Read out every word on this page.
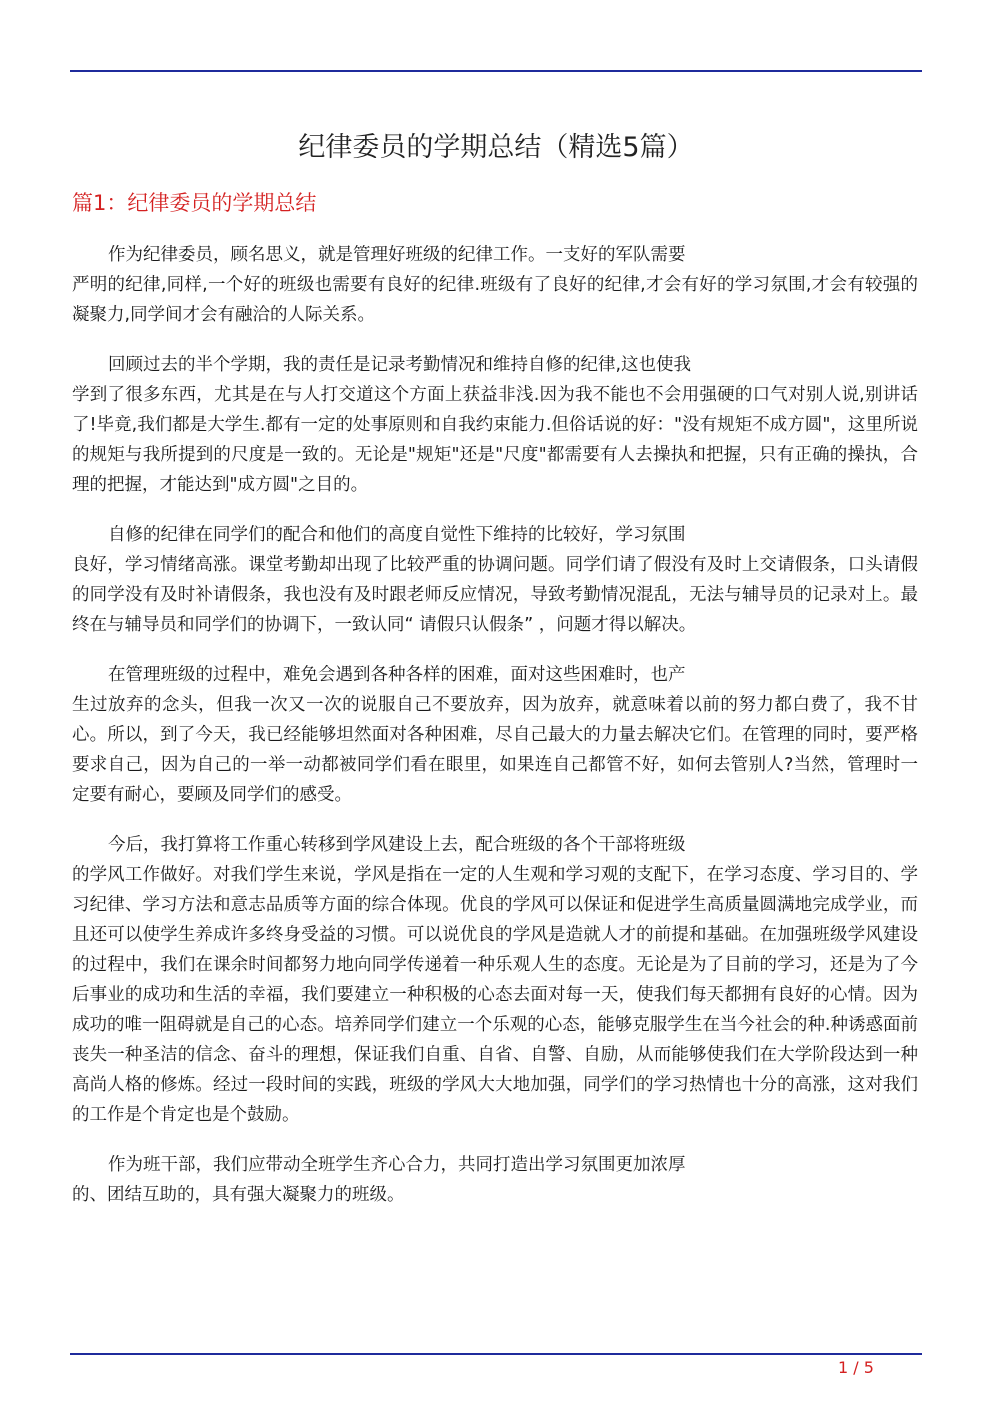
纪律委员的学期总结（精选5篇）
篇1：纪律委员的学期总结

作为纪律委员，顾名思义，就是管理好班级的纪律工作。一支好的军队需要
严明的纪律,同样,一个好的班级也需要有良好的纪律.班级有了良好的纪律,才会有好的学习氛围,才会有较强的凝聚力,同学间才会有融洽的人际关系。

回顾过去的半个学期，我的责任是记录考勤情况和维持自修的纪律,这也使我
学到了很多东西，尤其是在与人打交道这个方面上获益非浅.因为我不能也不会用强硬的口气对别人说,别讲话了!毕竟,我们都是大学生.都有一定的处事原则和自我约束能力.但俗话说的好："没有规矩不成方圆"，这里所说的规矩与我所提到的尺度是一致的。无论是"规矩"还是"尺度"都需要有人去操执和把握，只有正确的操执，合理的把握，才能达到"成方圆"之目的。

自修的纪律在同学们的配合和他们的高度自觉性下维持的比较好，学习氛围
良好，学习情绪高涨。课堂考勤却出现了比较严重的协调问题。同学们请了假没有及时上交请假条，口头请假的同学没有及时补请假条，我也没有及时跟老师反应情况，导致考勤情况混乱，无法与辅导员的记录对上。最终在与辅导员和同学们的协调下，一致认同“ 请假只认假条” ，问题才得以解决。

在管理班级的过程中，难免会遇到各种各样的困难，面对这些困难时，也产
生过放弃的念头，但我一次又一次的说服自己不要放弃，因为放弃，就意味着以前的努力都白费了，我不甘心。所以，到了今天，我已经能够坦然面对各种困难，尽自己最大的力量去解决它们。在管理的同时，要严格要求自己，因为自己的一举一动都被同学们看在眼里，如果连自己都管不好，如何去管别人?当然，管理时一定要有耐心，要顾及同学们的感受。

今后，我打算将工作重心转移到学风建设上去，配合班级的各个干部将班级
的学风工作做好。对我们学生来说，学风是指在一定的人生观和学习观的支配下，在学习态度、学习目的、学习纪律、学习方法和意志品质等方面的综合体现。优良的学风可以保证和促进学生高质量圆满地完成学业，而且还可以使学生养成许多终身受益的习惯。可以说优良的学风是造就人才的前提和基础。在加强班级学风建设的过程中，我们在课余时间都努力地向同学传递着一种乐观人生的态度。无论是为了目前的学习，还是为了今后事业的成功和生活的幸福，我们要建立一种积极的心态去面对每一天，使我们每天都拥有良好的心情。因为成功的唯一阻碍就是自己的心态。培养同学们建立一个乐观的心态，能够克服学生在当今社会的种.种诱惑面前丧失一种圣洁的信念、奋斗的理想，保证我们自重、自省、自警、自励，从而能够使我们在大学阶段达到一种高尚人格的修炼。经过一段时间的实践，班级的学风大大地加强，同学们的学习热情也十分的高涨，这对我们的工作是个肯定也是个鼓励。

作为班干部，我们应带动全班学生齐心合力，共同打造出学习氛围更加浓厚
的、团结互助的，具有强大凝聚力的班级。

1 / 5
